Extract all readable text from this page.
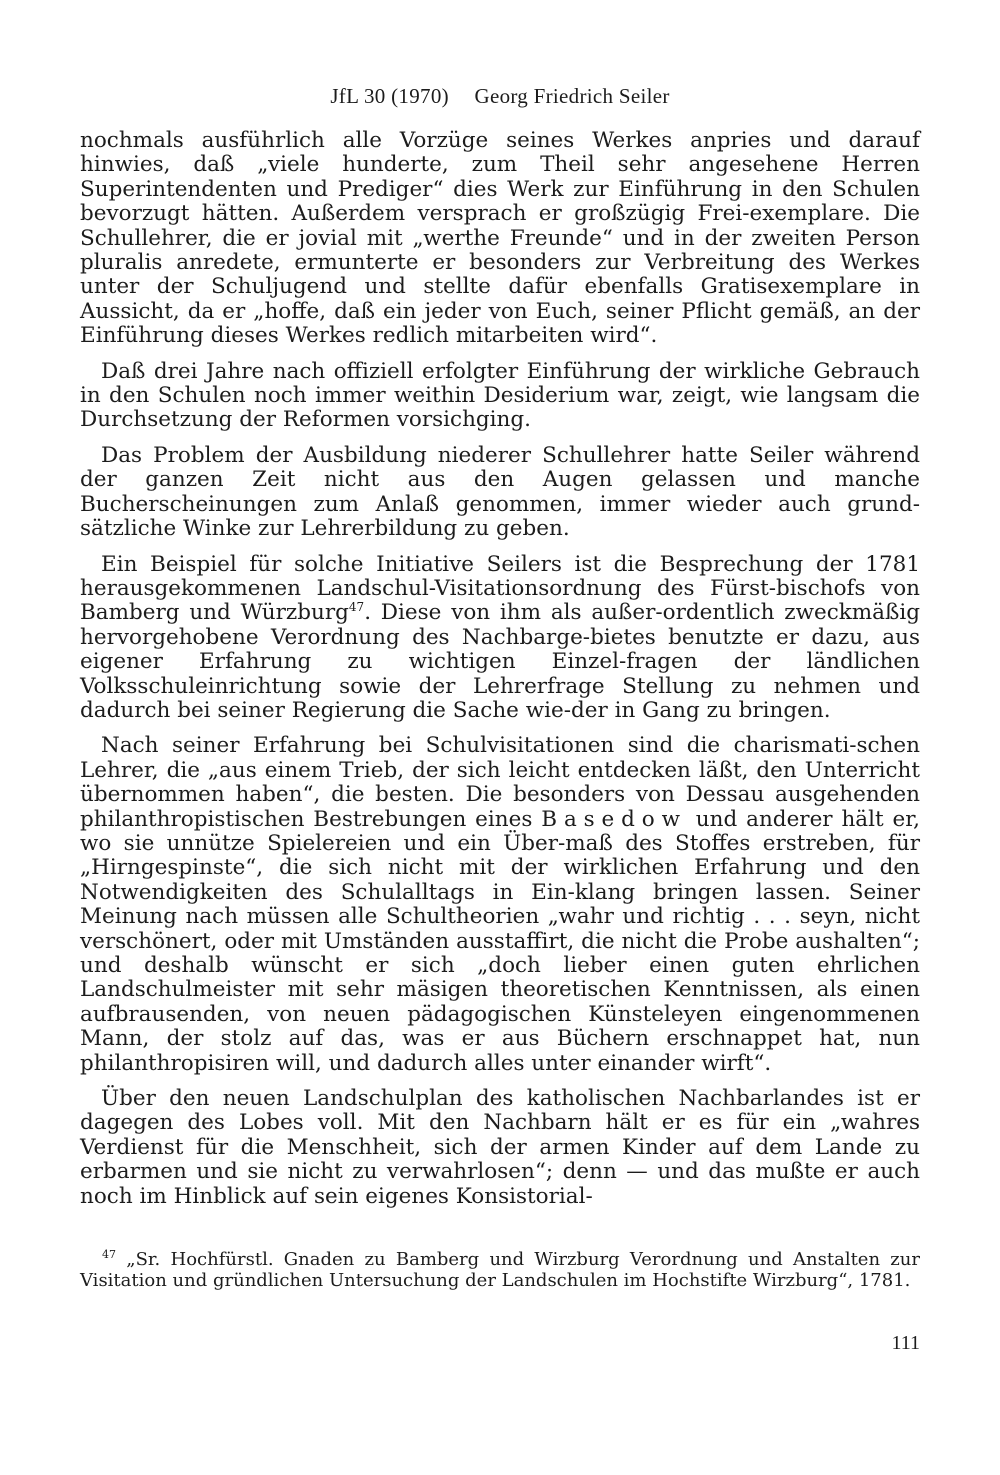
JfL 30 (1970) Georg Friedrich Seiler

nochmals ausführlich alle Vorzüge seines Werkes anpries und darauf hinwies, daß „viele hunderte, zum Theil sehr angesehene Herren Superintendenten und Prediger“ dies Werk zur Einführung in den Schulen bevorzugt hätten. Außerdem versprach er großzügig Frei-exemplare. Die Schullehrer, die er jovial mit „werthe Freunde“ und in der zweiten Person pluralis anredete, ermunterte er besonders zur Verbreitung des Werkes unter der Schuljugend und stellte dafür ebenfalls Gratisexemplare in Aussicht, da er „hoffe, daß ein jeder von Euch, seiner Pflicht gemäß, an der Einführung dieses Werkes redlich mitarbeiten wird“.

Daß drei Jahre nach offiziell erfolgter Einführung der wirkliche Gebrauch in den Schulen noch immer weithin Desiderium war, zeigt, wie langsam die Durchsetzung der Reformen vorsichging.

Das Problem der Ausbildung niederer Schullehrer hatte Seiler während der ganzen Zeit nicht aus den Augen gelassen und manche Bucherscheinungen zum Anlaß genommen, immer wieder auch grund-sätzliche Winke zur Lehrerbildung zu geben.

Ein Beispiel für solche Initiative Seilers ist die Besprechung der 1781 herausgekommenen Landschul-Visitationsordnung des Fürst-bischofs von Bamberg und Würzburg$^{47}$. Diese von ihm als außer-ordentlich zweckmäßig hervorgehobene Verordnung des Nachbarge-bietes benutzte er dazu, aus eigener Erfahrung zu wichtigen Einzel-fragen der ländlichen Volksschuleinrichtung sowie der Lehrerfrage Stellung zu nehmen und dadurch bei seiner Regierung die Sache wie-der in Gang zu bringen.

Nach seiner Erfahrung bei Schulvisitationen sind die charismati-schen Lehrer, die „aus einem Trieb, der sich leicht entdecken läßt, den Unterricht übernommen haben“, die besten. Die besonders von Dessau ausgehenden philanthropistischen Bestrebungen eines Basedow und anderer hält er, wo sie unnütze Spielereien und ein Über-maß des Stoffes erstreben, für „Hirngespinste“, die sich nicht mit der wirklichen Erfahrung und den Notwendigkeiten des Schulalltags in Ein-klang bringen lassen. Seiner Meinung nach müssen alle Schultheorien „wahr und richtig . . . seyn, nicht verschönert, oder mit Umständen ausstaffirt, die nicht die Probe aushalten“; und deshalb wünscht er sich „doch lieber einen guten ehrlichen Landschulmeister mit sehr mäsigen theoretischen Kenntnissen, als einen aufbrausenden, von neuen pädagogischen Künsteleyen eingenommenen Mann, der stolz auf das, was er aus Büchern erschnappet hat, nun philanthropisiren will, und dadurch alles unter einander wirft“.

Über den neuen Landschulplan des katholischen Nachbarlandes ist er dagegen des Lobes voll. Mit den Nachbarn hält er es für ein „wahres Verdienst für die Menschheit, sich der armen Kinder auf dem Lande zu erbarmen und sie nicht zu verwahrlosen“; denn — und das mußte er auch noch im Hinblick auf sein eigenes Konsistorial-

$^{47}$ „Sr. Hochfürstl. Gnaden zu Bamberg und Wirzburg Verordnung und Anstalten zur Visitation und gründlichen Untersuchung der Landschulen im Hochstifte Wirzburg“, 1781.

111
